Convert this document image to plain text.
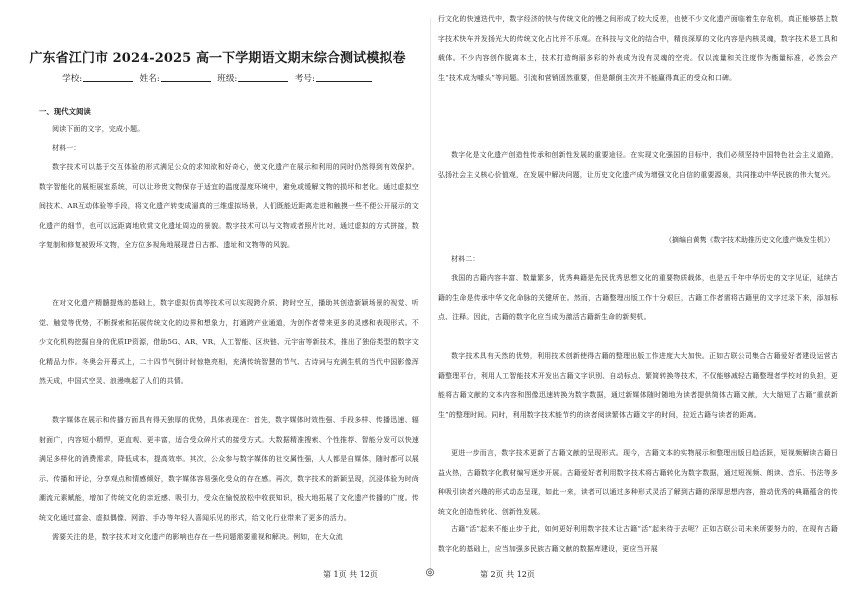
广东省江门市 2024-2025 高一下学期语文期末综合测试模拟卷
学校:	姓名:	班级:	考号:

一、现代文阅读

阅读下面的文字，完成小题。

材料一：

数字技术可以基于交互体验的形式满足公众的求知欲和好奇心，使文化遗产在展示和利用的同时仍然得到有效保护。数字智能化的展柜展室系统，可以让珍贵文物保存于适宜的温度湿度环境中，避免或缓解文物的损坏和老化。通过虚拟空间技术、AR互动体验等手段，将文化遗产转变成逼真的三维虚拟场景，人们既能近距离走进和触摸一些不便公开展示的文化遗产的细节，也可以远距离地欣赏文化遗址周边的景貌。数字技术可以与文物或者照片比对，通过虚拟的方式拼接，数字复制和修复被毁坏文物，全方位多视角地展现昔日古都、遗址和文物等的风貌。

在对文化遗产精髓提炼的基础上，数字虚拟仿真等技术可以实现跨介质、跨时空互，播助其创造新颖场景的视觉、听觉、触觉等优势，不断探索和拓展传统文化的边界和想象力，打通跨产业通道，为创作者带来更多的灵感和表现形式。不少文化机构挖掘自身的优质IP资源，借助5G、AR、VR、人工智能、区块链、元宇宙等新技术，推出了独俗类型的数字文化精品力作。冬奥会开幕式上，二十四节气倒计时惊艳亮相，充满传统智慧的节气、古诗词与充满生机的当代中国影像浑然天成，中国式空灵、浪漫唤起了人们的共情。

数字媒体在展示和传播方面具有得天独厚的优势，具体表现在：首先，数字媒体时效性强、手段多样、传播迅速、辐射面广，内容短小精悍，更直观、更丰富，适合受众碎片式的接受方式。大数据精准搜索、个性推荐、智能分发可以快速满足多样化的消费需求，降低成本，提高效率。其次，公众参与数字媒体的社交属性强，人人都是自媒体，随时都可以展示、传播和评论，分享观点和情感倾好，数字媒体容易强化受众的存在感。再次，数字技术的新颖呈现，沉浸体验为时尚潮流元素赋能，增加了传统文化的亲近感、吸引力，受众在愉悦放松中收获知识，极大地拓展了文化遗产传播的广度。传统文化通过富金、虚拟偶像、网游、手办等年轻人喜闻乐见的形式，给文化行业带来了更多的活力。

需要关注的是，数字技术对文化遗产的影响也存在一些问题需要重视和解决。例如，在大众流

第 1页 共 12页	◎

行文化的快速迭代中，数字经济的快与传统文化的慢之间形成了较大反差，也使不少文化遗产面临着生存危机，真正能够搭上数字技术快车并发扬光大的传统文化占比并不乐观。在科技与文化的结合中，精良深厚的文化内容是内核灵魂，数字技术是工具和载体。不少内容创作脱离本土，技术打造绚丽多彩的外表成为没有灵魂的空壳。仅以流量和关注度作为衡量标准，必然会产生“技术成为噱头”等问题。引流和营销固然重要，但是颠倒主次并不能赢得真正的受众和口碑。

数字化是文化遗产创造性传承和创新性发展的重要途径。在实现文化强国的目标中，我们必须坚持中国特色社会主义道路，弘扬社会主义核心价值观，在发展中解决问题，让历史文化遗产成为增强文化自信的重要源泉，共同推动中华民族的伟大复兴。

（摘编自黄隽《数字技术助推历史文化遗产焕发生机》）

材料二：

我国的古籍内容丰富、数量繁多，优秀典籍是先民优秀思想文化的重要物质载体，也是五千年中华历史的文字见证，延续古籍的生命是传承中华文化命脉的关键所在。然而，古籍整理出版工作十分艰巨，古籍工作者需将古籍里的文字过录下来，添加标点、注释。因此，古籍的数字化应当成为激活古籍新生命的新契机。

数字技术具有天然的优势，利用技术创新使得古籍的整理出版工作进度大大加快。正如古联公司集合古籍爱好者建设运营古籍整理平台，利用人工智能技术开发出古籍文字识别、自动标点、繁简转换等技术，不仅能够减轻古籍整理者学校对的负担，更能将古籍文献的文本内容和图像迅速转换为数字数据，通过新媒体随时随地为读者提供简体古籍文献，大大缩短了古籍“重获新生”的整理时间。同时，利用数字技术能节约的读者阅读繁体古籍文字的时间，拉近古籍与读者的距离。

更进一步而言，数字技术更新了古籍文献的呈现形式。现今，古籍文本的实物展示和整理出版日趋活跃，短视频解读古籍日益火热，古籍数字化教材编写逐步开展。古籍爱好者利用数字技术将古籍转化为数字数据，通过短视频、朗读、音乐、书法等多种吸引读者兴趣的形式动态呈现，如此一来，读者可以通过多种形式灵活了解到古籍的深厚思想内容，推动优秀的典籍蕴含的传统文化创造性转化、创新性发展。

古籍“活”起来不能止步于此，如何更好利用数字技术让古籍“活”起来待于去呢？正如古联公司未来所要努力的，在现有古籍数字化的基础上，应当加强多民族古籍文献的数据库建设，更应当开展

第 2页 共 12页
